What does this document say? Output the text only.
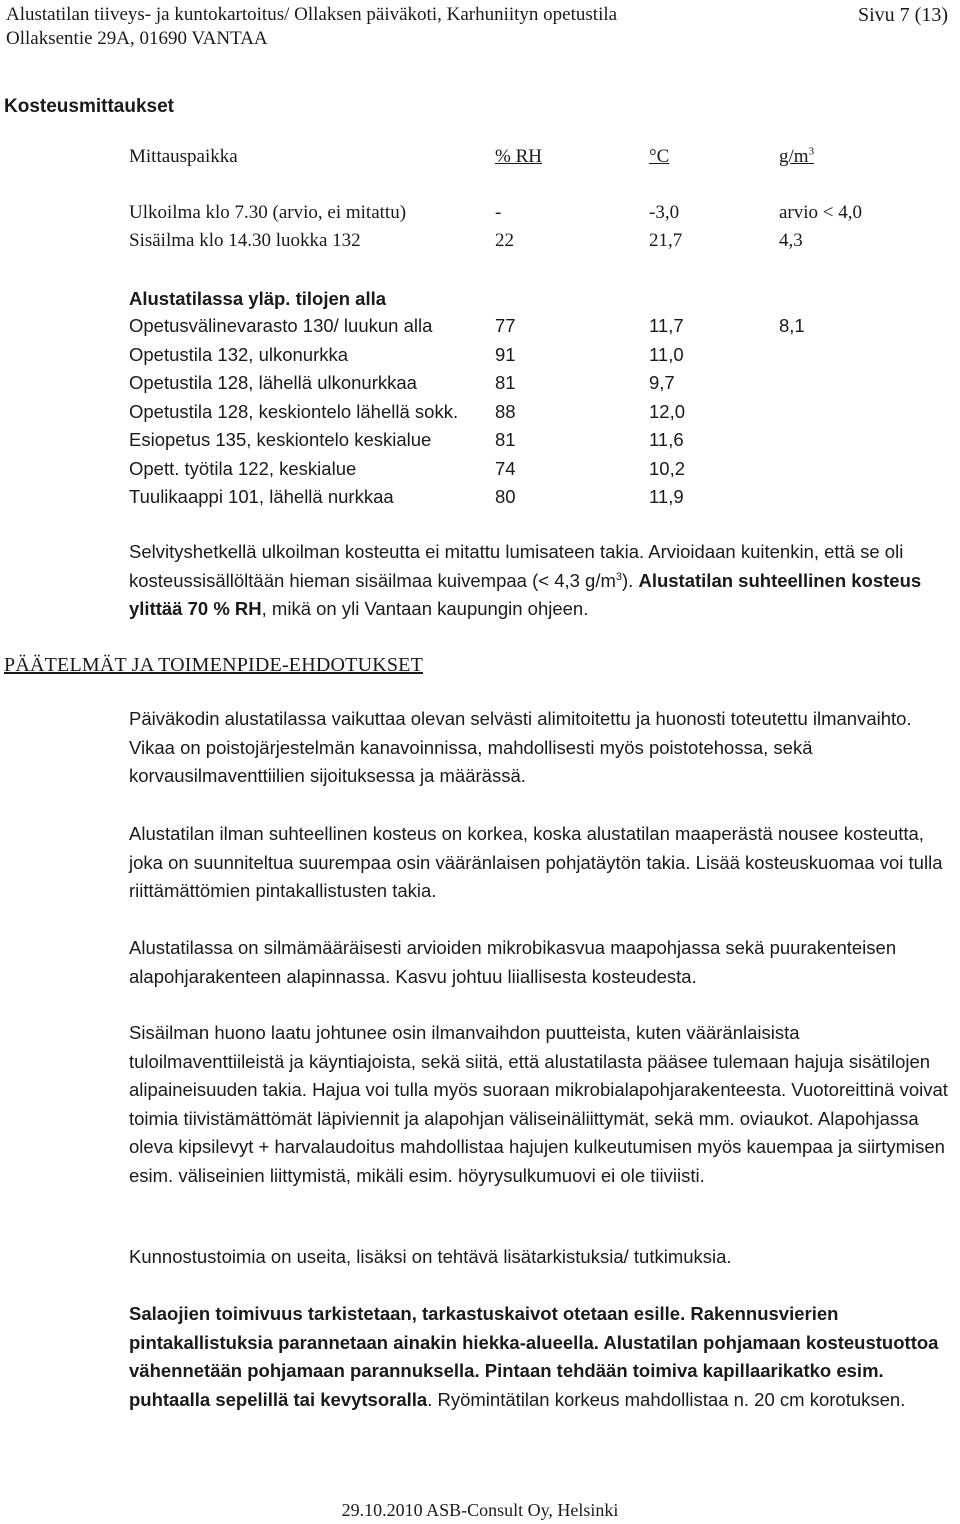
Alustatilan tiiveys- ja kuntokartoitus/ Ollaksen päiväkoti, Karhuniityn opetustila
Ollaksentie 29A, 01690 VANTAA
Sivu 7 (13)
Kosteusmittaukset
Mittauspaikka	% RH	°C	$g/m^3$
Ulkoilma klo 7.30 (arvio, ei mitattu)	-	-3,0	arvio < 4,0
Sisäilma klo 14.30 luokka 132	22	21,7	4,3
Alustatilassa yläp. tilojen alla
Opetusvälinevarasto 130/ luukun alla	77	11,7	8,1
Opetustila 132, ulkonurkka	91	11,0
Opetustila 128, lähellä ulkonurkkaa	81	9,7
Opetustila 128, keskiontelo lähellä sokk. 88	12,0
Esiopetus 135, keskiontelo keskialue	81	11,6
Opett. työtila 122, keskialue	74	10,2
Tuulikaappi 101, lähellä nurkkaa	80	11,9

Selvityshetkellä ulkoilman kosteutta ei mitattu lumisateen takia. Arvioidaan kuitenkin, että se oli kosteussisällöltään hieman sisäilmaa kuivempaa (< 4,3 $g/m^3$). Alustatilan suhteellinen kosteus ylittää 70 % RH, mikä on yli Vantaan kaupungin ohjeen.

PÄÄTELMÄT JA TOIMENPIDE-EHDOTUKSET

Päiväkodin alustatilassa vaikuttaa olevan selvästi alimitoitettu ja huonosti toteutettu ilmanvaihto. Vikaa on poistojärjestelmän kanavoinnissa, mahdollisesti myös poistotehossa, sekä korvausilmaventtiilien sijoituksessa ja määrässä.

Alustatilan ilman suhteellinen kosteus on korkea, koska alustatilan maaperästä nousee kosteutta, joka on suunniteltua suurempaa osin vääränlaisen pohjatäytön takia. Lisää kosteuskuomaa voi tulla riittämättömien pintakallistusten takia.

Alustatilassa on silmämääräisesti arvioiden mikrobikasvua maapohjassa sekä puurakenteisen alapohjarakenteen alapinnassa. Kasvu johtuu liiallisesta kosteudesta.

Sisäilman huono laatu johtunee osin ilmanvaihdon puutteista, kuten vääränlaisista tuloilmaventtiileistä ja käyntiajoista, sekä siitä, että alustatilasta pääsee tulemaan hajuja sisätilojen alipaineisuuden takia. Hajua voi tulla myös suoraan mikrobialapohjarakenteesta. Vuotoreittinä voivat toimia tiivistämättömät läpiviennit ja alapohjan väliseinäliittymät, sekä mm. oviaukot. Alapohjassa oleva kipsilevyt + harvalaudoitus mahdollistaa hajujen kulkeutumisen myös kauempaa ja siirtymisen esim. väliseinien liittymistä, mikäli esim. höyrysulkumuovi ei ole tiiviisti.

Kunnostustoimia on useita, lisäksi on tehtävä lisätarkistuksia/ tutkimuksia.

Salaojien toimivuus tarkistetaan, tarkastuskaivot otetaan esille. Rakennusvierien pintakallistuksia parannetaan ainakin hiekka-alueella. Alustatilan pohjamaan kosteustuottoa vähennetään pohjamaan parannuksella. Pintaan tehdään toimiva kapillaarikatko esim. puhtaalla sepelillä tai kevytsoralla. Ryömintätilan korkeus mahdollistaa n. 20 cm korotuksen.

29.10.2010 ASB-Consult Oy, Helsinki
